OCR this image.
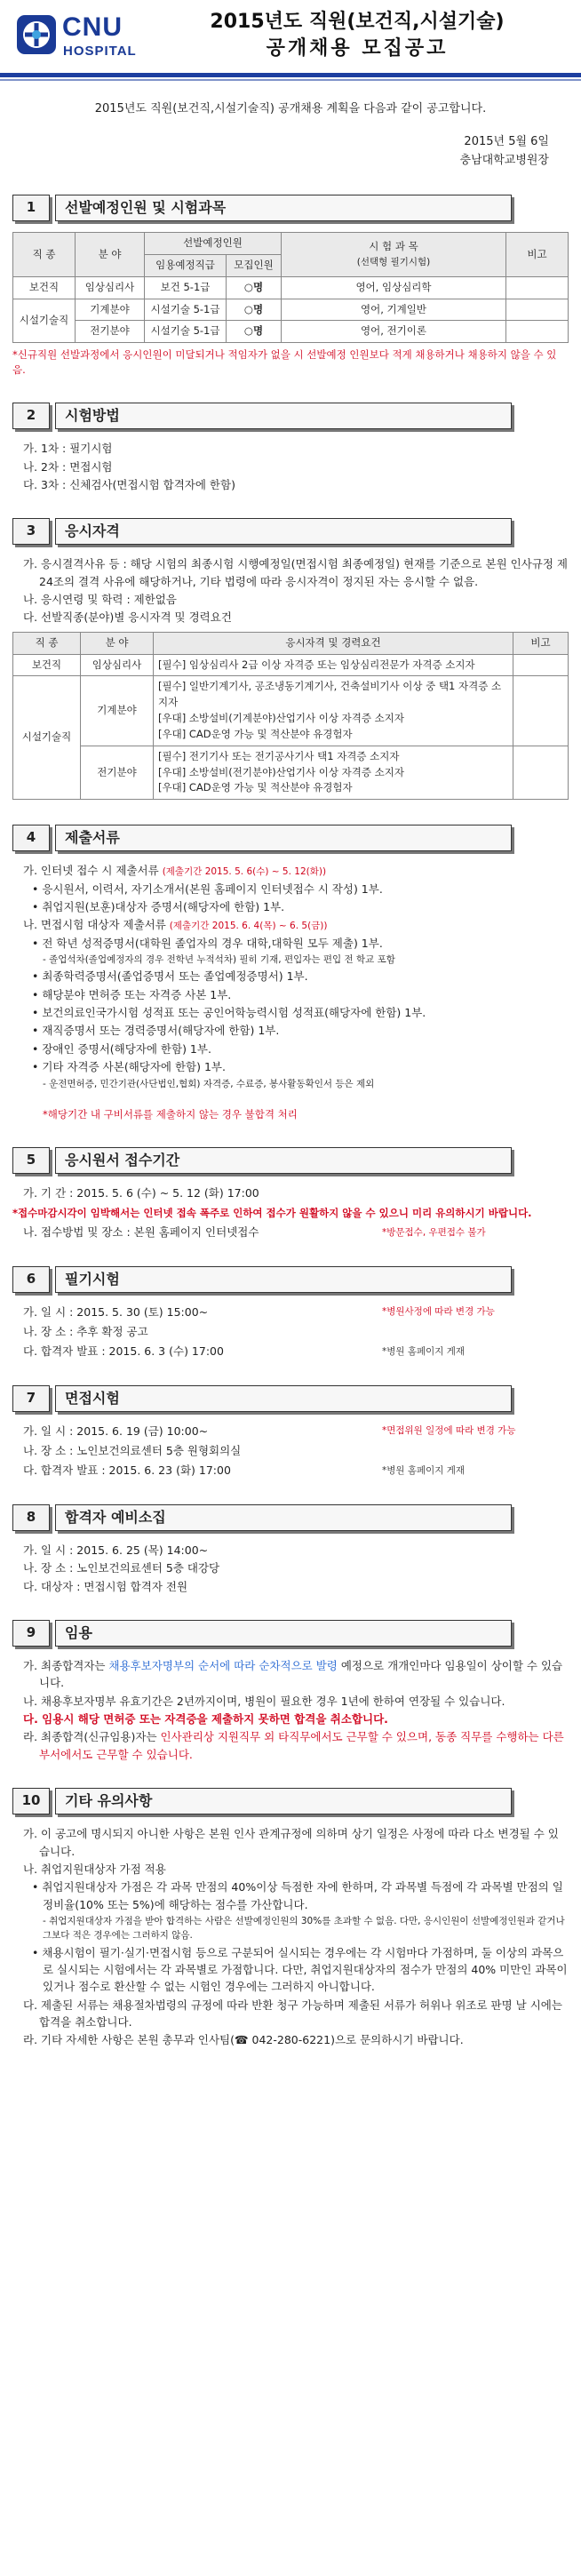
CNU
HOSPITAL
2015년도 직원(보건직,시설기술)
공개채용 모집공고
2015년도 직원(보건직,시설기술직) 공개채용 계획을 다음과 같이 공고합니다.
2015년 5월 6일
충남대학교병원장
1	선발예정인원 및 시험과목
직 종	분 야	선발예정인원		시 험 과 목
(선택형 필기시험)	비고
		임용예정직급	모집인원		
보건직	임상심리사	보건 5-1급	○명	영어, 임상심리학	
시설기술직	기계분야	시설기술 5-1급	○명	영어, 기계일반	
	전기분야	시설기술 5-1급	○명	영어, 전기이론	
*신규직원 선발과정에서 응시인원이 미달되거나 적임자가 없을 시 선발예정 인원보다 적게 채용하거나 채용하지 않을 수 있음.
2	시험방법
가. 1차 : 필기시험
나. 2차 : 면접시험
다. 3차 : 신체검사(면접시험 합격자에 한함)
3	응시자격
가. 응시결격사유 등 : 해당 시험의 최종시험 시행예정일(면접시험 최종예정일) 현재를 기준으로 본원 인사규정 제24조의 결격 사유에 해당하거나, 기타 법령에 따라 응시자격이 정지된 자는 응시할 수 없음.
나. 응시연령 및 학력 : 제한없음
다. 선발직종(분야)별 응시자격 및 경력요건
직 종	분 야	응시자격 및 경력요건	비고
보건직	임상심리사	[필수] 임상심리사 2급 이상 자격증 또는 임상심리전문가 자격증 소지자	

시설기술직	기계분야	[필수] 일반기계기사, 공조냉동기계기사, 건축설비기사 이상 중 택1 자격증 소지자
[우대] 소방설비(기계분야)산업기사 이상 자격증 소지자
[우대] CAD운영 가능 및 적산분야 유경험자	

	전기분야	[필수] 전기기사 또는 전기공사기사 택1 자격증 소지자
[우대] 소방설비(전기분야)산업기사 이상 자격증 소지자
[우대] CAD운영 가능 및 적산분야 유경험자	

4	제출서류
가. 인터넷 접수 시 제출서류 (제출기간 2015. 5. 6(수) ~ 5. 12(화))
• 응시원서, 이력서, 자기소개서(본원 홈페이지 인터넷접수 시 작성) 1부.
• 취업지원(보훈)대상자 증명서(해당자에 한함) 1부.
나. 면접시험 대상자 제출서류 (제출기간 2015. 6. 4(목) ~ 6. 5(금))
• 전 학년 성적증명서(대학원 졸업자의 경우 대학,대학원 모두 제출) 1부.
- 졸업석차(졸업예정자의 경우 전학년 누적석차) 필히 기재, 편입자는 편입 전 학교 포함
• 최종학력증명서(졸업증명서 또는 졸업예정증명서) 1부.
• 해당분야 면허증 또는 자격증 사본 1부.
• 보건의료인국가시험 성적표 또는 공인어학능력시험 성적표(해당자에 한함) 1부.
• 재직증명서 또는 경력증명서(해당자에 한함) 1부.
• 장애인 증명서(해당자에 한함) 1부.
• 기타 자격증 사본(해당자에 한함) 1부.
- 운전면허증, 민간기관(사단법인,협회) 자격증, 수료증, 봉사활동확인서 등은 제외
*해당기간 내 구비서류를 제출하지 않는 경우 불합격 처리
5	응시원서 접수기간
가. 기 간 : 2015. 5. 6 (수) ~ 5. 12 (화) 17:00
*접수마감시각이 임박해서는 인터넷 접속 폭주로 인하여 접수가 원활하지 않을 수 있으니 미리 유의하시기 바랍니다.
나. 접수방법 및 장소 : 본원 홈페이지 인터넷접수	*방문접수, 우편접수 불가
6	필기시험
가. 일 시 : 2015. 5. 30 (토) 15:00~	*병원사정에 따라 변경 가능
나. 장 소 : 추후 확정 공고
다. 합격자 발표 : 2015. 6. 3 (수) 17:00	*병원 홈페이지 게재
7	면접시험
가. 일 시 : 2015. 6. 19 (금) 10:00~	*면접위원 일정에 따라 변경 가능
나. 장 소 : 노인보건의료센터 5층 원형회의실
다. 합격자 발표 : 2015. 6. 23 (화) 17:00	*병원 홈페이지 게재
8	합격자 예비소집
가. 일 시 : 2015. 6. 25 (목) 14:00~
나. 장 소 : 노인보건의료센터 5층 대강당
다. 대상자 : 면접시험 합격자 전원
9	임용
가. 최종합격자는 채용후보자명부의 순서에 따라 순차적으로 발령 예정으로 개개인마다 임용일이 상이할 수 있습니다.
나. 채용후보자명부 유효기간은 2년까지이며, 병원이 필요한 경우 1년에 한하여 연장될 수 있습니다.
다. 임용시 해당 면허증 또는 자격증을 제출하지 못하면 합격을 취소합니다.
라. 최종합격(신규임용)자는 인사관리상 지원직무 외 타직무에서도 근무할 수 있으며, 동종 직무를 수행하는 다른 부서에서도 근무할 수 있습니다.
10	기타 유의사항
가. 이 공고에 명시되지 아니한 사항은 본원 인사 관계규정에 의하며 상기 일정은 사정에 따라 다소 변경될 수 있습니다.
나. 취업지원대상자 가점 적용
• 취업지원대상자 가점은 각 과목 만점의 40%이상 득점한 자에 한하며, 각 과목별 득점에 각 과목별 만점의 일정비율(10% 또는 5%)에 해당하는 점수를 가산합니다.
- 취업지원대상자 가점을 받아 합격하는 사람은 선발예정인원의 30%를 초과할 수 없음. 다만, 응시인원이 선발예정인원과 같거나 그보다 적은 경우에는 그러하지 않음.
• 채용시험이 필기·실기·면접시험 등으로 구분되어 실시되는 경우에는 각 시험마다 가점하며, 둘 이상의 과목으로 실시되는 시험에서는 각 과목별로 가점합니다. 다만, 취업지원대상자의 점수가 만점의 40% 미만인 과목이 있거나 점수로 환산할 수 없는 시험인 경우에는 그러하지 아니합니다.
다. 제출된 서류는 채용절차법령의 규정에 따라 반환 청구 가능하며 제출된 서류가 허위나 위조로 판명 날 시에는 합격을 취소합니다.
라. 기타 자세한 사항은 본원 총무과 인사팀(☎ 042-280-6221)으로 문의하시기 바랍니다.
